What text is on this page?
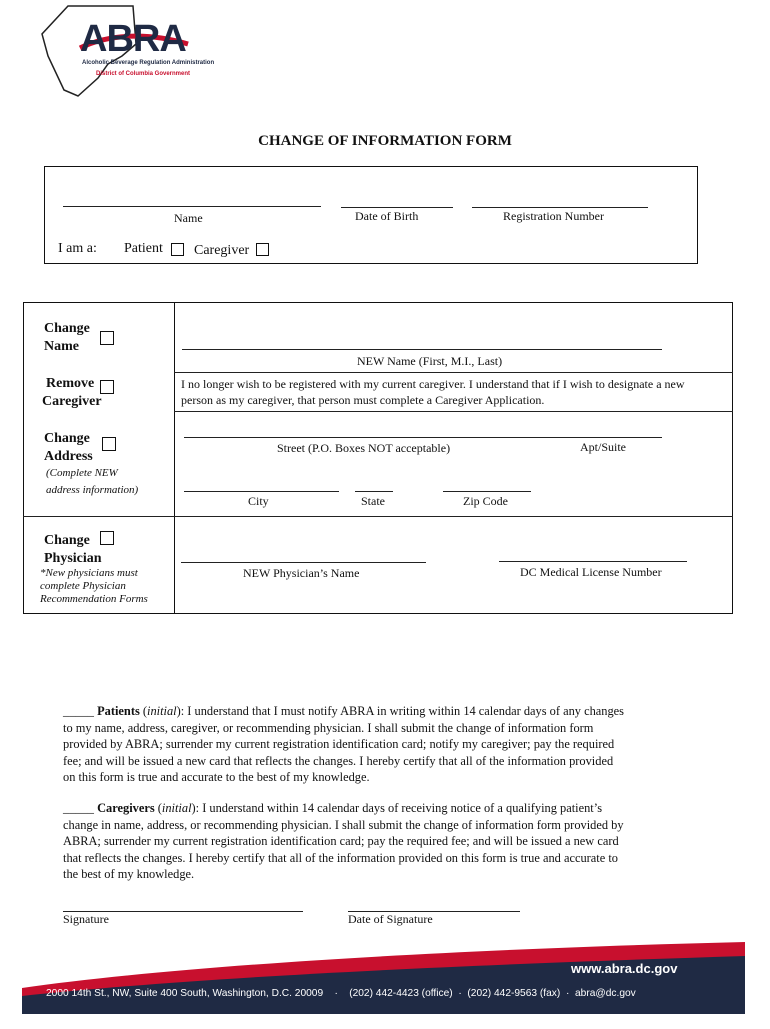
ABRA
Alcoholic Beverage Regulation Administration
District of Columbia Government
CHANGE OF INFORMATION FORM
Name	Date of Birth	Registration Number
I am a: Patient Caregiver
Change
Name
NEW Name (First, M.I., Last)
Remove
Caregiver
I no longer wish to be registered with my current caregiver. I understand that if I wish to designate a new
person as my caregiver, that person must complete a Caregiver Application.
Change
Address
(Complete NEW
address information)
Street (P.O. Boxes NOT acceptable)	Apt/Suite
City	State	Zip Code
Change
Physician
*New physicians must
complete Physician
Recommendation Forms
NEW Physician’s Name	DC Medical License Number
_____ Patients (initial): I understand that I must notify ABRA in writing within 14 calendar days of any changes
to my name, address, caregiver, or recommending physician. I shall submit the change of information form
provided by ABRA; surrender my current registration identification card; notify my caregiver; pay the required
fee; and will be issued a new card that reflects the changes. I hereby certify that all of the information provided
on this form is true and accurate to the best of my knowledge.
_____ Caregivers (initial): I understand within 14 calendar days of receiving notice of a qualifying patient’s
change in name, address, or recommending physician. I shall submit the change of information form provided by
ABRA; surrender my current registration identification card; pay the required fee; and will be issued a new card
that reflects the changes. I hereby certify that all of the information provided on this form is true and accurate to
the best of my knowledge.
Signature	Date of Signature
www.abra.dc.gov
2000 14th St., NW, Suite 400 South, Washington, D.C. 20009 · (202) 442-4423 (office) · (202) 442-9563 (fax) · abra@dc.gov
